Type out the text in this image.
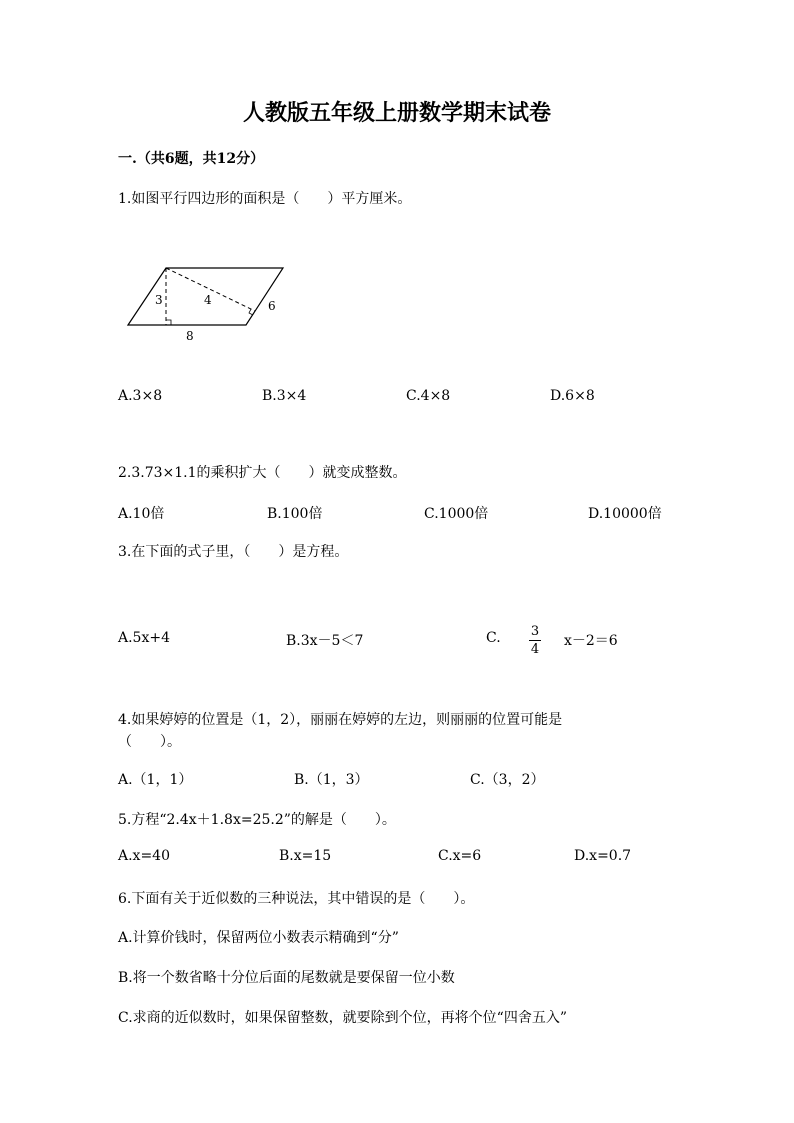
人教版五年级上册数学期末试卷
一.（共6题，共12分）
1.如图平行四边形的面积是（　　）平方厘米。
3	4	6
8
A.3×8	B.3×4	C.4×8	D.6×8
2.3.73×1.1的乘积扩大（　　）就变成整数。
A.10倍	B.100倍	C.1000倍	D.10000倍
3.在下面的式子里，（　　）是方程。
A.5x+4	B.3x－5＜7	C. 3
4
x－2＝6
4.如果婷婷的位置是（1，2），丽丽在婷婷的左边，则丽丽的位置可能是
（　　）。
A.（1，1）	B.（1，3）	C.（3，2）
5.方程“2.4x＋1.8x=25.2”的解是（　　）。
A.x=40	B.x=15	C.x=6	D.x=0.7
6.下面有关于近似数的三种说法，其中错误的是（　　）。
A.计算价钱时，保留两位小数表示精确到“分”
B.将一个数省略十分位后面的尾数就是要保留一位小数
C.求商的近似数时，如果保留整数，就要除到个位，再将个位“四舍五入”
